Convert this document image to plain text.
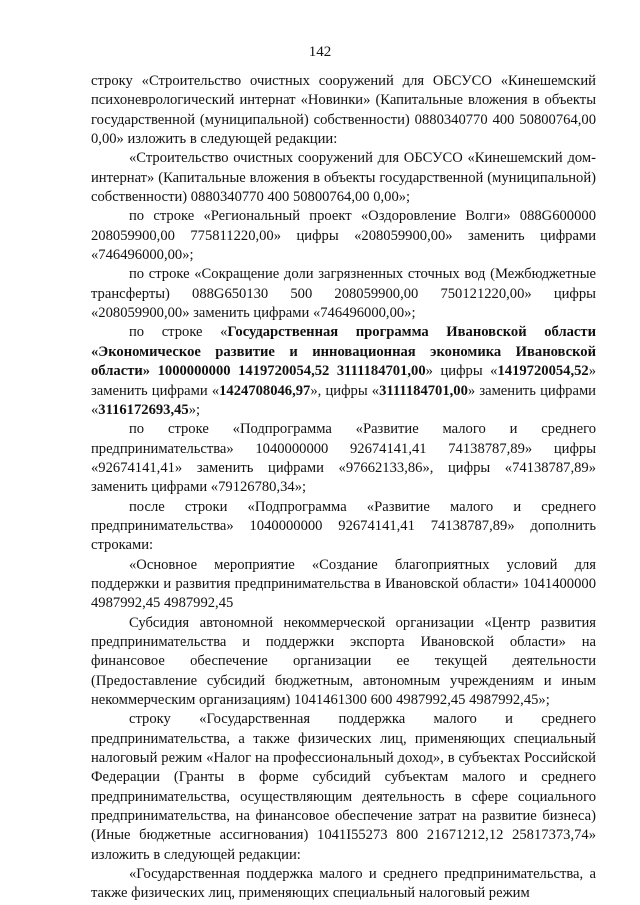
142

строку «Строительство очистных сооружений для ОБСУСО «Кинешемский психоневрологический интернат «Новинки» (Капитальные вложения в объекты государственной (муниципальной) собственности) 0880340770 400 50800764,00 0,00» изложить в следующей редакции:

«Строительство очистных сооружений для ОБСУСО «Кинешемский дом-интернат» (Капитальные вложения в объекты государственной (муниципальной) собственности) 0880340770 400 50800764,00 0,00»;

по строке «Региональный проект «Оздоровление Волги» 088G600000 208059900,00 775811220,00» цифры «208059900,00» заменить цифрами «746496000,00»;

по строке «Сокращение доли загрязненных сточных вод (Межбюджетные трансферты) 088G650130 500 208059900,00 750121220,00» цифры «208059900,00» заменить цифрами «746496000,00»;

по строке «Государственная программа Ивановской области «Экономическое развитие и инновационная экономика Ивановской области» 1000000000 1419720054,52 3111184701,00» цифры «1419720054,52» заменить цифрами «1424708046,97», цифры «3111184701,00» заменить цифрами «3116172693,45»;

по строке «Подпрограмма «Развитие малого и среднего предпринимательства» 1040000000 92674141,41 74138787,89» цифры «92674141,41» заменить цифрами «97662133,86», цифры «74138787,89» заменить цифрами «79126780,34»;

после строки «Подпрограмма «Развитие малого и среднего предпринимательства» 1040000000 92674141,41 74138787,89» дополнить строками:

«Основное мероприятие «Создание благоприятных условий для поддержки и развития предпринимательства в Ивановской области» 1041400000 4987992,45 4987992,45

Субсидия автономной некоммерческой организации «Центр развития предпринимательства и поддержки экспорта Ивановской области» на финансовое обеспечение организации ее текущей деятельности (Предоставление субсидий бюджетным, автономным учреждениям и иным некоммерческим организациям) 1041461300 600 4987992,45 4987992,45»;

строку «Государственная поддержка малого и среднего предпринимательства, а также физических лиц, применяющих специальный налоговый режим «Налог на профессиональный доход», в субъектах Российской Федерации (Гранты в форме субсидий субъектам малого и среднего предпринимательства, осуществляющим деятельность в сфере социального предпринимательства, на финансовое обеспечение затрат на развитие бизнеса) (Иные бюджетные ассигнования) 1041I55273 800 21671212,12 25817373,74» изложить в следующей редакции:

«Государственная поддержка малого и среднего предпринимательства, а также физических лиц, применяющих специальный налоговый режим
